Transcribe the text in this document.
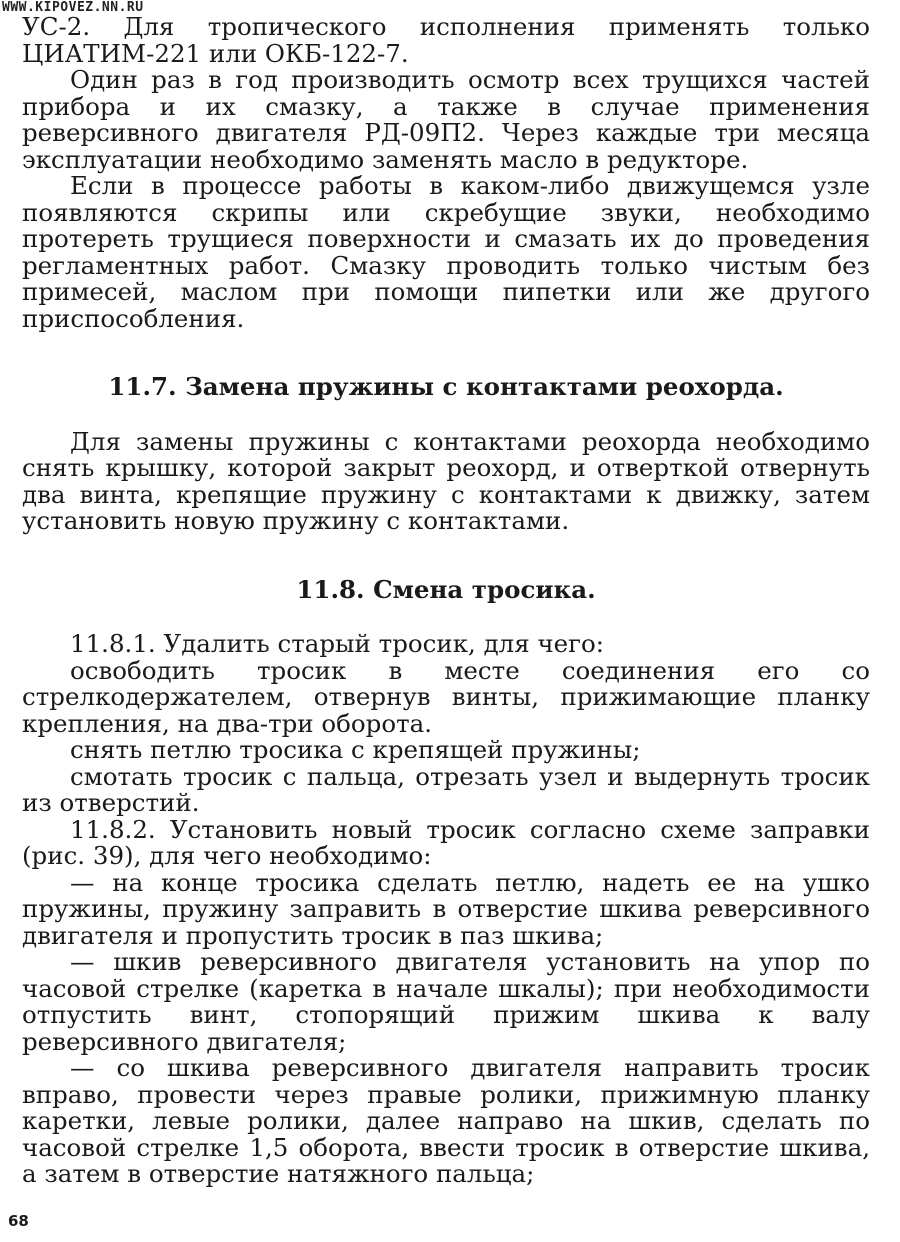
WWW.KIPOVEZ.NN.RU

УС-2. Для тропического исполнения применять только ЦИАТИМ-221 или ОКБ-122-7.

Один раз в год производить осмотр всех трущихся частей прибора и их смазку, а также в случае применения реверсивного двигателя РД-09П2. Через каждые три месяца эксплуатации необходимо заменять масло в редукторе.

Если в процессе работы в каком-либо движущемся узле появляются скрипы или скребущие звуки, необходимо протереть трущиеся поверхности и смазать их до проведения регламентных работ. Смазку проводить только чистым без примесей, маслом при помощи пипетки или же другого приспособления.

11.7. Замена пружины с контактами реохорда.

Для замены пружины с контактами реохорда необходимо снять крышку, которой закрыт реохорд, и отверткой отвернуть два винта, крепящие пружину с контактами к движку, затем установить новую пружину с контактами.

11.8. Смена тросика.

11.8.1. Удалить старый тросик, для чего:

освободить тросик в месте соединения его со стрелкодержателем, отвернув винты, прижимающие планку крепления, на два-три оборота.

снять петлю тросика с крепящей пружины;

смотать тросик с пальца, отрезать узел и выдернуть тросик из отверстий.

11.8.2. Установить новый тросик согласно схеме заправки (рис. 39), для чего необходимо:

— на конце тросика сделать петлю, надеть ее на ушко пружины, пружину заправить в отверстие шкива реверсивного двигателя и пропустить тросик в паз шкива;

— шкив реверсивного двигателя установить на упор по часовой стрелке (каретка в начале шкалы); при необходимости отпустить винт, стопорящий прижим шкива к валу реверсивного двигателя;

— со шкива реверсивного двигателя направить тросик вправо, провести через правые ролики, прижимную планку каретки, левые ролики, далее направо на шкив, сделать по часовой стрелке 1,5 оборота, ввести тросик в отверстие шкива, а затем в отверстие натяжного пальца;

68
